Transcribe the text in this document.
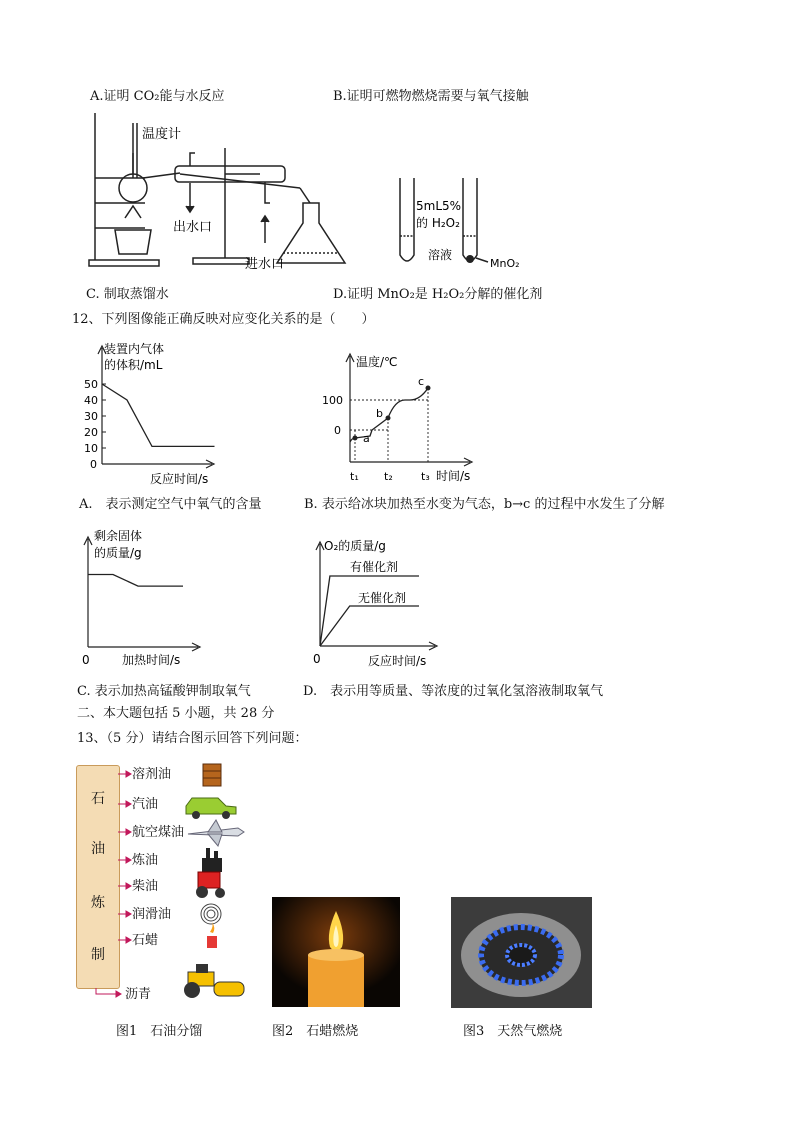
A.证明 CO₂能与水反应	B.证明可燃物燃烧需要与氧气接触
温度计
出水口
进水口
5mL5%
的 H₂O₂
溶液
MnO₂
C. 制取蒸馏水	D.证明 MnO₂是 H₂O₂分解的催化剂
12、下列图像能正确反映对应变化关系的是（　　）
0
10
20
30
40
50
装置内气体
的体积/mL
反应时间/s
A.　表示测定空气中氧气的含量
a
b
c
100
0
温度/℃
t₁ t₂	t₃ 时间/s
B. 表示给冰块加热至水变为气态，b→c 的过程中水发生了分解
剩余固体
的质量/g
0	加热时间/s
C. 表示加热高锰酸钾制取氧气
O₂的质量/g
有催化剂
无催化剂
0	反应时间/s
D.　表示用等质量、等浓度的过氧化氢溶液制取氧气
二、本大题包括 5 小题，共 28 分
13、（5 分）请结合图示回答下列问题：
石
油
炼
制
溶剂油
汽油
航空煤油
炼油
柴油
润滑油
石蜡
沥青
图1　石油分馏	图2　石蜡燃烧	图3　天然气燃烧
